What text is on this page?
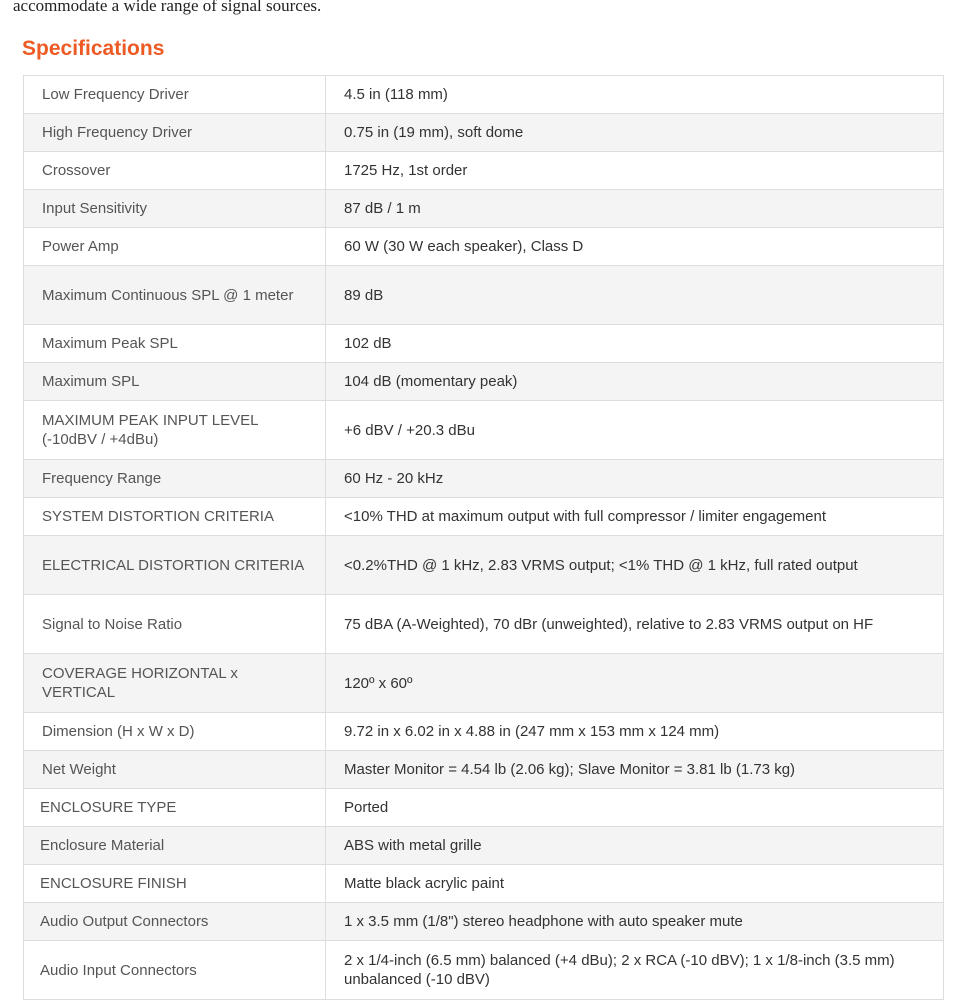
accommodate a wide range of signal sources.
Specifications
Low Frequency Driver	4.5 in (118 mm)
High Frequency Driver	0.75 in (19 mm), soft dome
Crossover	1725 Hz, 1st order
Input Sensitivity	87 dB / 1 m
Power Amp	60 W (30 W each speaker), Class D
Maximum Continuous SPL @ 1 meter	89 dB
Maximum Peak SPL	102 dB
Maximum SPL	104 dB (momentary peak)
MAXIMUM PEAK INPUT LEVEL (-10dBV / +4dBu)	+6 dBV / +20.3 dBu
Frequency Range	60 Hz - 20 kHz
SYSTEM DISTORTION CRITERIA	<10% THD at maximum output with full compressor / limiter engagement
ELECTRICAL DISTORTION CRITERIA	<0.2%THD @ 1 kHz, 2.83 VRMS output; <1% THD @ 1 kHz, full rated output
Signal to Noise Ratio	75 dBA (A-Weighted), 70 dBr (unweighted), relative to 2.83 VRMS output on HF
COVERAGE HORIZONTAL x VERTICAL	120º x 60º
Dimension (H x W x D)	9.72 in x 6.02 in x 4.88 in (247 mm x 153 mm x 124 mm)
Net Weight	Master Monitor = 4.54 lb (2.06 kg); Slave Monitor = 3.81 lb (1.73 kg)
ENCLOSURE TYPE	Ported
Enclosure Material	ABS with metal grille
ENCLOSURE FINISH	Matte black acrylic paint
Audio Output Connectors	1 x 3.5 mm (1/8") stereo headphone with auto speaker mute
Audio Input Connectors	2 x 1/4-inch (6.5 mm) balanced (+4 dBu); 2 x RCA (-10 dBV); 1 x 1/8-inch (3.5 mm) unbalanced (-10 dBV)
